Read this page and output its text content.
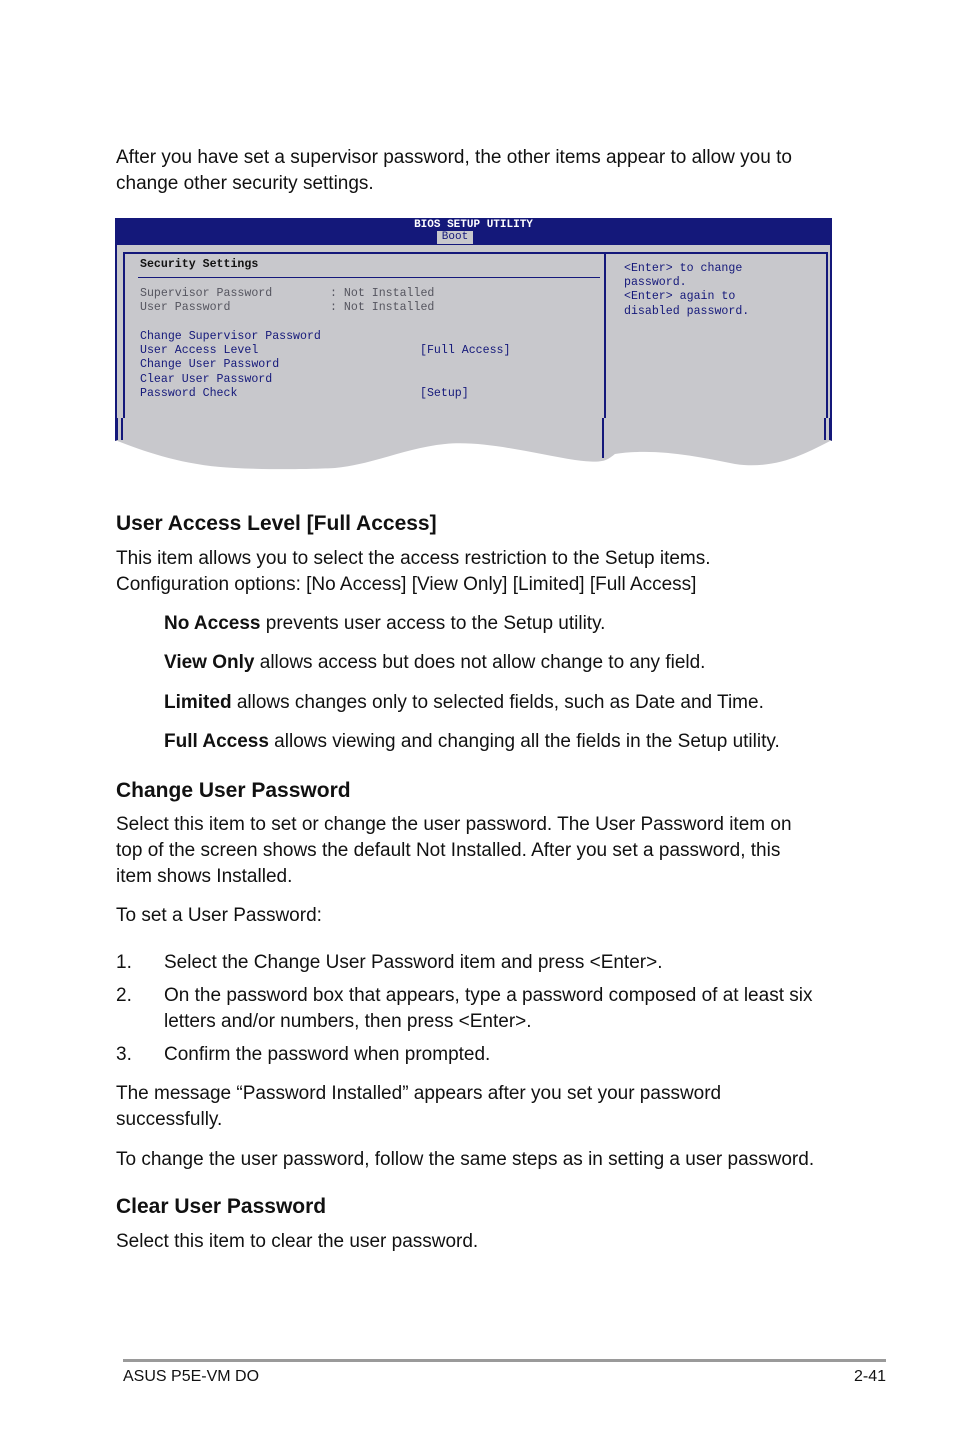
After you have set a supervisor password, the other items appear to allow you to change other security settings.
BIOS SETUP UTILITY
Boot
Security Settings
Supervisor Password	: Not Installed
User Password	: Not Installed
Change Supervisor Password
User Access Level	[Full Access]
Change User Password
Clear User Password
Password Check	[Setup]
<Enter> to change
password.
<Enter> again to
disabled password.
User Access Level [Full Access]
This item allows you to select the access restriction to the Setup items.
Configuration options: [No Access] [View Only] [Limited] [Full Access]
No Access prevents user access to the Setup utility.
View Only allows access but does not allow change to any field.
Limited allows changes only to selected fields, such as Date and Time.
Full Access allows viewing and changing all the fields in the Setup utility.
Change User Password
Select this item to set or change the user password. The User Password item on
top of the screen shows the default Not Installed. After you set a password, this
item shows Installed.
To set a User Password:
1. Select the Change User Password item and press <Enter>.
2. On the password box that appears, type a password composed of at least six
letters and/or numbers, then press <Enter>.
3. Confirm the password when prompted.
The message “Password Installed” appears after you set your password
successfully.
To change the user password, follow the same steps as in setting a user password.
Clear User Password
Select this item to clear the user password.
ASUS P5E-VM DO	2-41
